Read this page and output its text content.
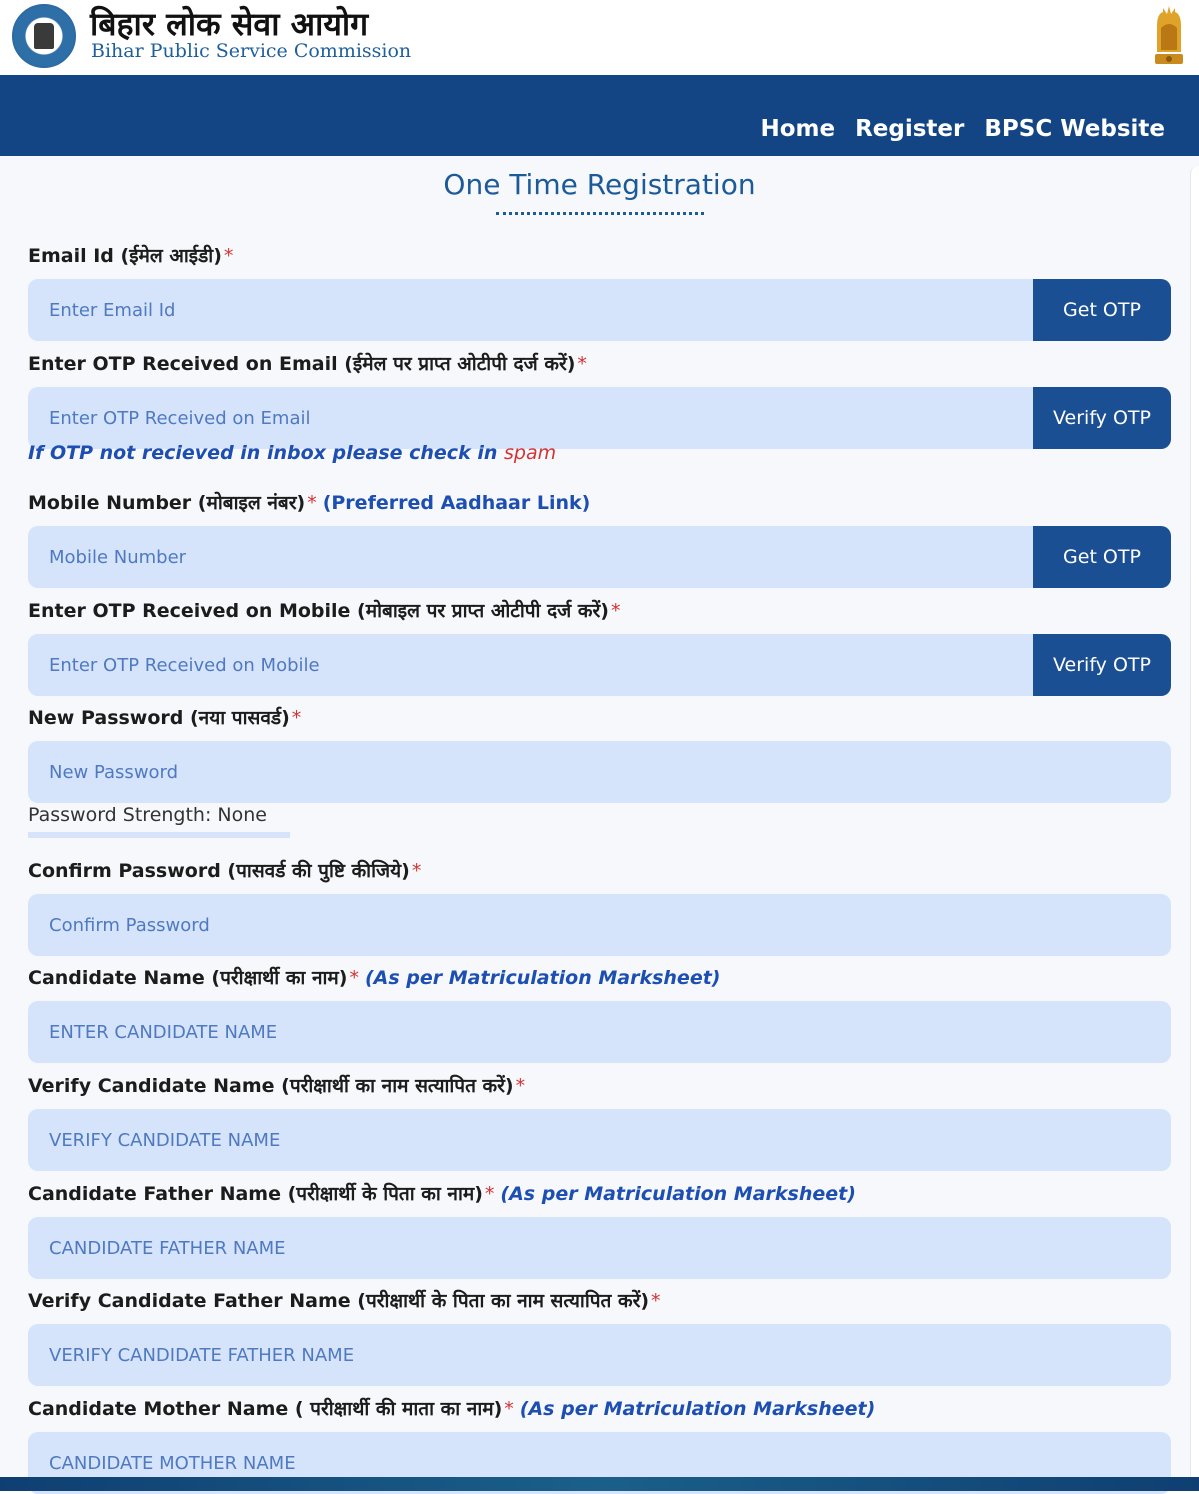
बिहार लोक सेवा आयोग
Bihar Public Service Commission
Home Register BPSC Website
One Time Registration
Email Id (ईमेल आईडी) *
Enter Email Id
Get OTP
Enter OTP Received on Email (ईमेल पर प्राप्त ओटीपी दर्ज करें) *
Enter OTP Received on Email
Verify OTP
If OTP not recieved in inbox please check in spam
Mobile Number (मोबाइल नंबर) * (Preferred Aadhaar Link)
Mobile Number
Get OTP
Enter OTP Received on Mobile (मोबाइल पर प्राप्त ओटीपी दर्ज करें) *
Enter OTP Received on Mobile
Verify OTP
New Password (नया पासवर्ड) *
Password Strength: None
Confirm Password (पासवर्ड की पुष्टि कीजिये) *
Candidate Name (परीक्षार्थी का नाम) * (As per Matriculation Marksheet)
ENTER CANDIDATE NAME
Verify Candidate Name (परीक्षार्थी का नाम सत्यापित करें) *
VERIFY CANDIDATE NAME
Candidate Father Name (परीक्षार्थी के पिता का नाम) * (As per Matriculation Marksheet)
CANDIDATE FATHER NAME
Verify Candidate Father Name (परीक्षार्थी के पिता का नाम सत्यापित करें) *
VERIFY CANDIDATE FATHER NAME
Candidate Mother Name ( परीक्षार्थी की माता का नाम) * (As per Matriculation Marksheet)
CANDIDATE MOTHER NAME
